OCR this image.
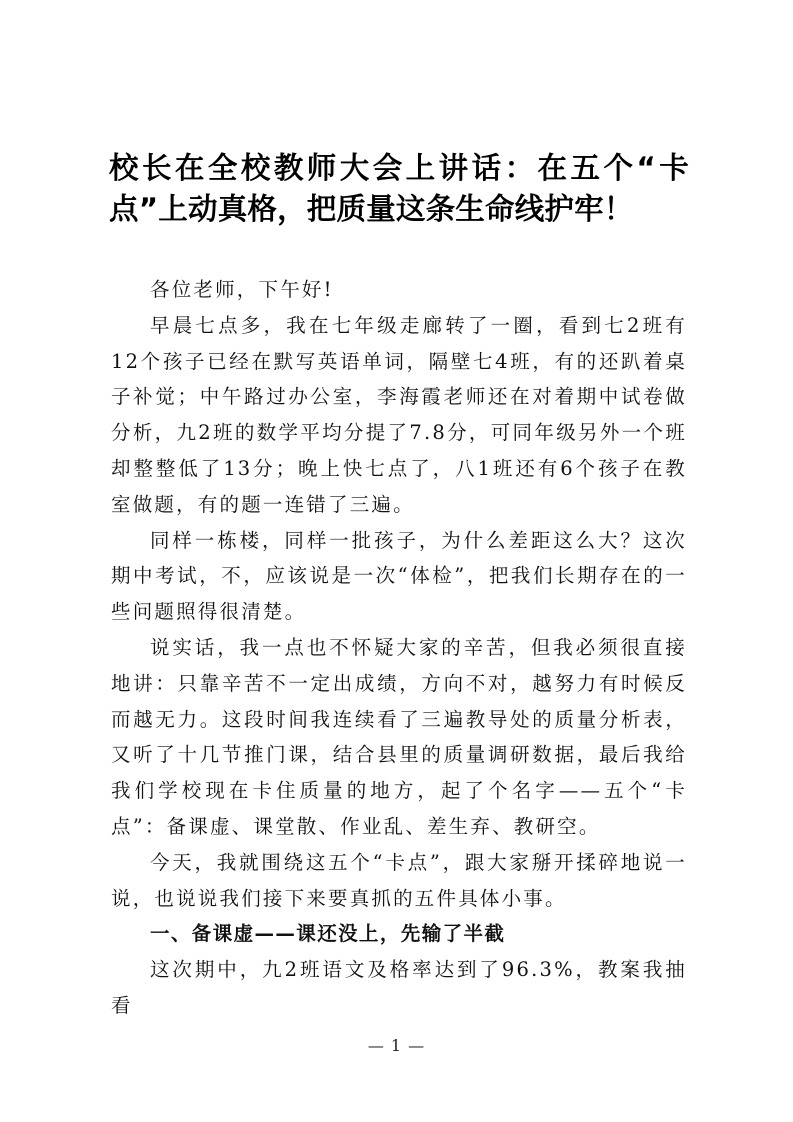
校长在全校教师大会上讲话：在五个“卡点”上动真格，把质量这条生命线护牢！

各位老师，下午好!

早晨七点多，我在七年级走廊转了一圈，看到七2班有12个孩子已经在默写英语单词，隔壁七4班，有的还趴着桌子补觉；中午路过办公室，李海霞老师还在对着期中试卷做分析，九2班的数学平均分提了7.8分，可同年级另外一个班却整整低了13分；晚上快七点了，八1班还有6个孩子在教室做题，有的题一连错了三遍。

同样一栋楼，同样一批孩子，为什么差距这么大？这次期中考试，不，应该说是一次“体检”，把我们长期存在的一些问题照得很清楚。

说实话，我一点也不怀疑大家的辛苦，但我必须很直接地讲：只靠辛苦不一定出成绩，方向不对，越努力有时候反而越无力。这段时间我连续看了三遍教导处的质量分析表，又听了十几节推门课，结合县里的质量调研数据，最后我给我们学校现在卡住质量的地方，起了个名字——五个“卡点”：备课虚、课堂散、作业乱、差生弃、教研空。

今天，我就围绕这五个“卡点”，跟大家掰开揉碎地说一说，也说说我们接下来要真抓的五件具体小事。

一、备课虚——课还没上，先输了半截

这次期中，九2班语文及格率达到了96.3%，教案我抽看

— 1 —
